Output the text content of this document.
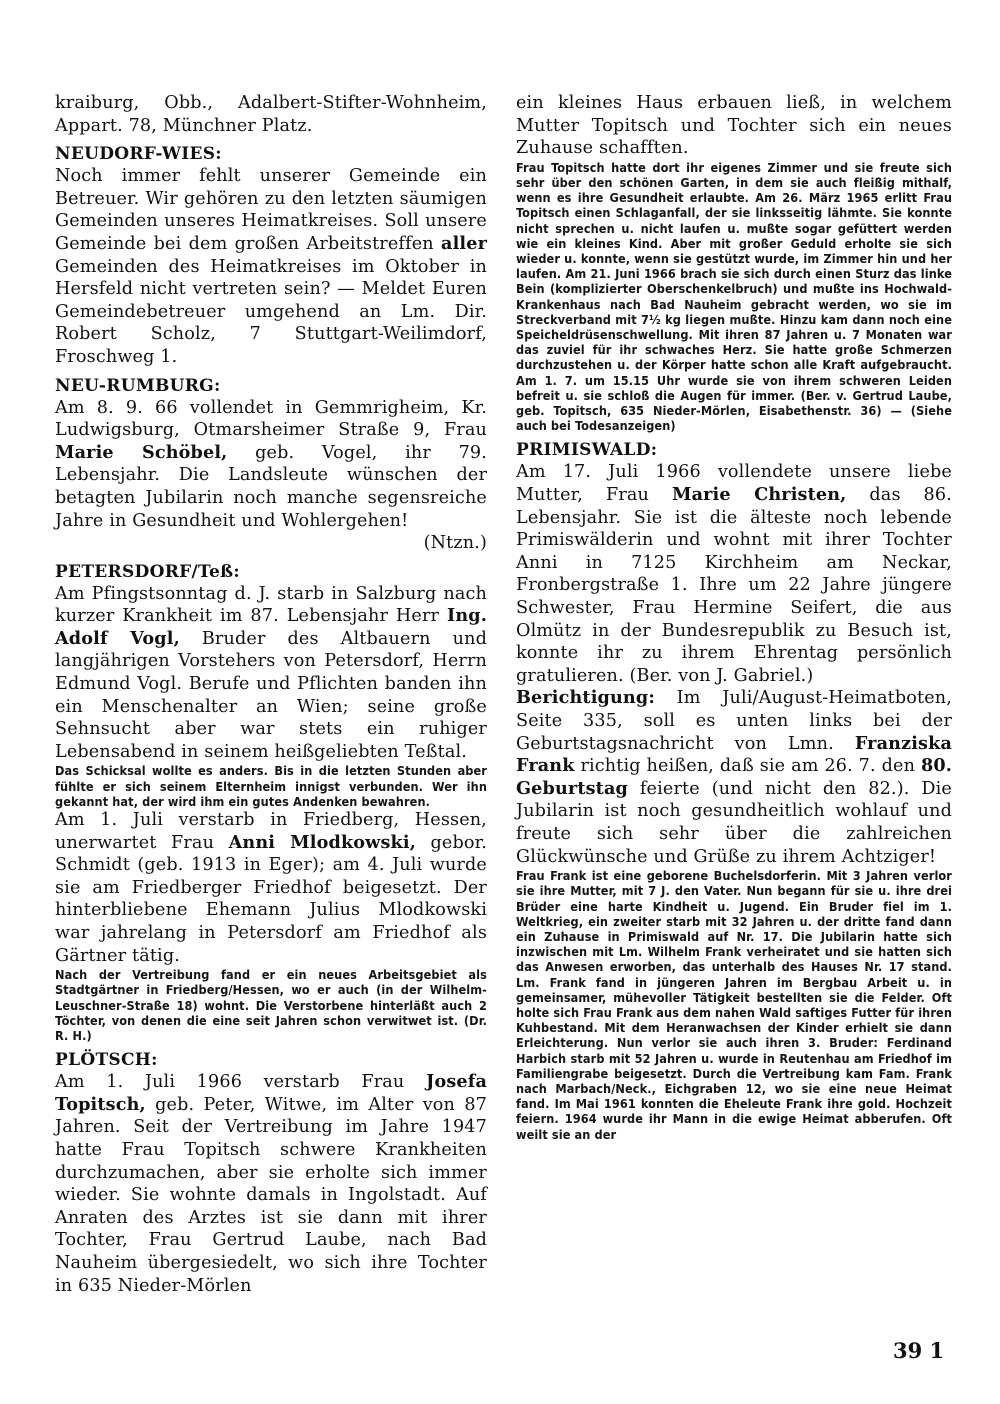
kraiburg, Obb., Adalbert-Stifter-Wohnheim, Appart. 78, Münchner Platz.

NEUDORF-WIES:

Noch immer fehlt unserer Gemeinde ein Betreuer. Wir gehören zu den letzten säumigen Gemeinden unseres Heimatkreises. Soll unsere Gemeinde bei dem großen Arbeitstreffen aller Gemeinden des Heimatkreises im Oktober in Hersfeld nicht vertreten sein? — Meldet Euren Gemeindebetreuer umgehend an Lm. Dir. Robert Scholz, 7 Stuttgart-Weilimdorf, Froschweg 1.

NEU-RUMBURG:

Am 8. 9. 66 vollendet in Gemmrigheim, Kr. Ludwigsburg, Otmarsheimer Straße 9, Frau Marie Schöbel, geb. Vogel, ihr 79. Lebensjahr. Die Landsleute wünschen der betagten Jubilarin noch manche segensreiche Jahre in Gesundheit und Wohlergehen!

(Ntzn.)

PETERSDORF/Teß:

Am Pfingstsonntag d. J. starb in Salzburg nach kurzer Krankheit im 87. Lebensjahr Herr Ing. Adolf Vogl, Bruder des Altbauern und langjährigen Vorstehers von Petersdorf, Herrn Edmund Vogl. Berufe und Pflichten banden ihn ein Menschenalter an Wien; seine große Sehnsucht aber war stets ein ruhiger Lebensabend in seinem heißgeliebten Teßtal.

Das Schicksal wollte es anders. Bis in die letzten Stunden aber fühlte er sich seinem Elternheim innigst verbunden. Wer ihn gekannt hat, der wird ihm ein gutes Andenken bewahren.

Am 1. Juli verstarb in Friedberg, Hessen, unerwartet Frau Anni Mlodkowski, gebor. Schmidt (geb. 1913 in Eger); am 4. Juli wurde sie am Friedberger Friedhof beigesetzt. Der hinterbliebene Ehemann Julius Mlodkowski war jahrelang in Petersdorf am Friedhof als Gärtner tätig.

Nach der Vertreibung fand er ein neues Arbeitsgebiet als Stadtgärtner in Friedberg/Hessen, wo er auch (in der Wilhelm-Leuschner-Straße 18) wohnt. Die Verstorbene hinterläßt auch 2 Töchter, von denen die eine seit Jahren schon verwitwet ist. (Dr. R. H.)

PLÖTSCH:

Am 1. Juli 1966 verstarb Frau Josefa Topitsch, geb. Peter, Witwe, im Alter von 87 Jahren. Seit der Vertreibung im Jahre 1947 hatte Frau Topitsch schwere Krankheiten durchzumachen, aber sie erholte sich immer wieder. Sie wohnte damals in Ingolstadt. Auf Anraten des Arztes ist sie dann mit ihrer Tochter, Frau Gertrud Laube, nach Bad Nauheim übergesiedelt, wo sich ihre Tochter in 635 Nieder-Mörlen

ein kleines Haus erbauen ließ, in welchem Mutter Topitsch und Tochter sich ein neues Zuhause schafften.

Frau Topitsch hatte dort ihr eigenes Zimmer und sie freute sich sehr über den schönen Garten, in dem sie auch fleißig mithalf, wenn es ihre Gesundheit erlaubte. Am 26. März 1965 erlitt Frau Topitsch einen Schlaganfall, der sie linksseitig lähmte. Sie konnte nicht sprechen u. nicht laufen u. mußte sogar gefüttert werden wie ein kleines Kind. Aber mit großer Geduld erholte sie sich wieder u. konnte, wenn sie gestützt wurde, im Zimmer hin und her laufen. Am 21. Juni 1966 brach sie sich durch einen Sturz das linke Bein (komplizierter Oberschenkelbruch) und mußte ins Hochwald-Krankenhaus nach Bad Nauheim gebracht werden, wo sie im Streckverband mit 7½ kg liegen mußte. Hinzu kam dann noch eine Speicheldrüsenschwellung. Mit ihren 87 Jahren u. 7 Monaten war das zuviel für ihr schwaches Herz. Sie hatte große Schmerzen durchzustehen u. der Körper hatte schon alle Kraft aufgebraucht. Am 1. 7. um 15.15 Uhr wurde sie von ihrem schweren Leiden befreit u. sie schloß die Augen für immer. (Ber. v. Gertrud Laube, geb. Topitsch, 635 Nieder-Mörlen, Eisabethenstr. 36) — (Siehe auch bei Todesanzeigen)

PRIMISWALD:

Am 17. Juli 1966 vollendete unsere liebe Mutter, Frau Marie Christen, das 86. Lebensjahr. Sie ist die älteste noch lebende Primiswälderin und wohnt mit ihrer Tochter Anni in 7125 Kirchheim am Neckar, Fronbergstraße 1. Ihre um 22 Jahre jüngere Schwester, Frau Hermine Seifert, die aus Olmütz in der Bundesrepublik zu Besuch ist, konnte ihr zu ihrem Ehrentag persönlich gratulieren. (Ber. von J. Gabriel.)

Berichtigung: Im Juli/August-Heimatboten, Seite 335, soll es unten links bei der Geburtstagsnachricht von Lmn. Franziska Frank richtig heißen, daß sie am 26. 7. den 80. Geburtstag feierte (und nicht den 82.). Die Jubilarin ist noch gesundheitlich wohlauf und freute sich sehr über die zahlreichen Glückwünsche und Grüße zu ihrem Achtziger!

Frau Frank ist eine geborene Buchelsdorferin. Mit 3 Jahren verlor sie ihre Mutter, mit 7 J. den Vater. Nun begann für sie u. ihre drei Brüder eine harte Kindheit u. Jugend. Ein Bruder fiel im 1. Weltkrieg, ein zweiter starb mit 32 Jahren u. der dritte fand dann ein Zuhause in Primiswald auf Nr. 17. Die Jubilarin hatte sich inzwischen mit Lm. Wilhelm Frank verheiratet und sie hatten sich das Anwesen erworben, das unterhalb des Hauses Nr. 17 stand. Lm. Frank fand in jüngeren Jahren im Bergbau Arbeit u. in gemeinsamer, mühevoller Tätigkeit bestellten sie die Felder. Oft holte sich Frau Frank aus dem nahen Wald saftiges Futter für ihren Kuhbestand. Mit dem Heranwachsen der Kinder erhielt sie dann Erleichterung. Nun verlor sie auch ihren 3. Bruder: Ferdinand Harbich starb mit 52 Jahren u. wurde in Reutenhau am Friedhof im Familiengrabe beigesetzt. Durch die Vertreibung kam Fam. Frank nach Marbach/Neck., Eichgraben 12, wo sie eine neue Heimat fand. Im Mai 1961 konnten die Eheleute Frank ihre gold. Hochzeit feiern. 1964 wurde ihr Mann in die ewige Heimat abberufen. Oft weilt sie an der

39 1
